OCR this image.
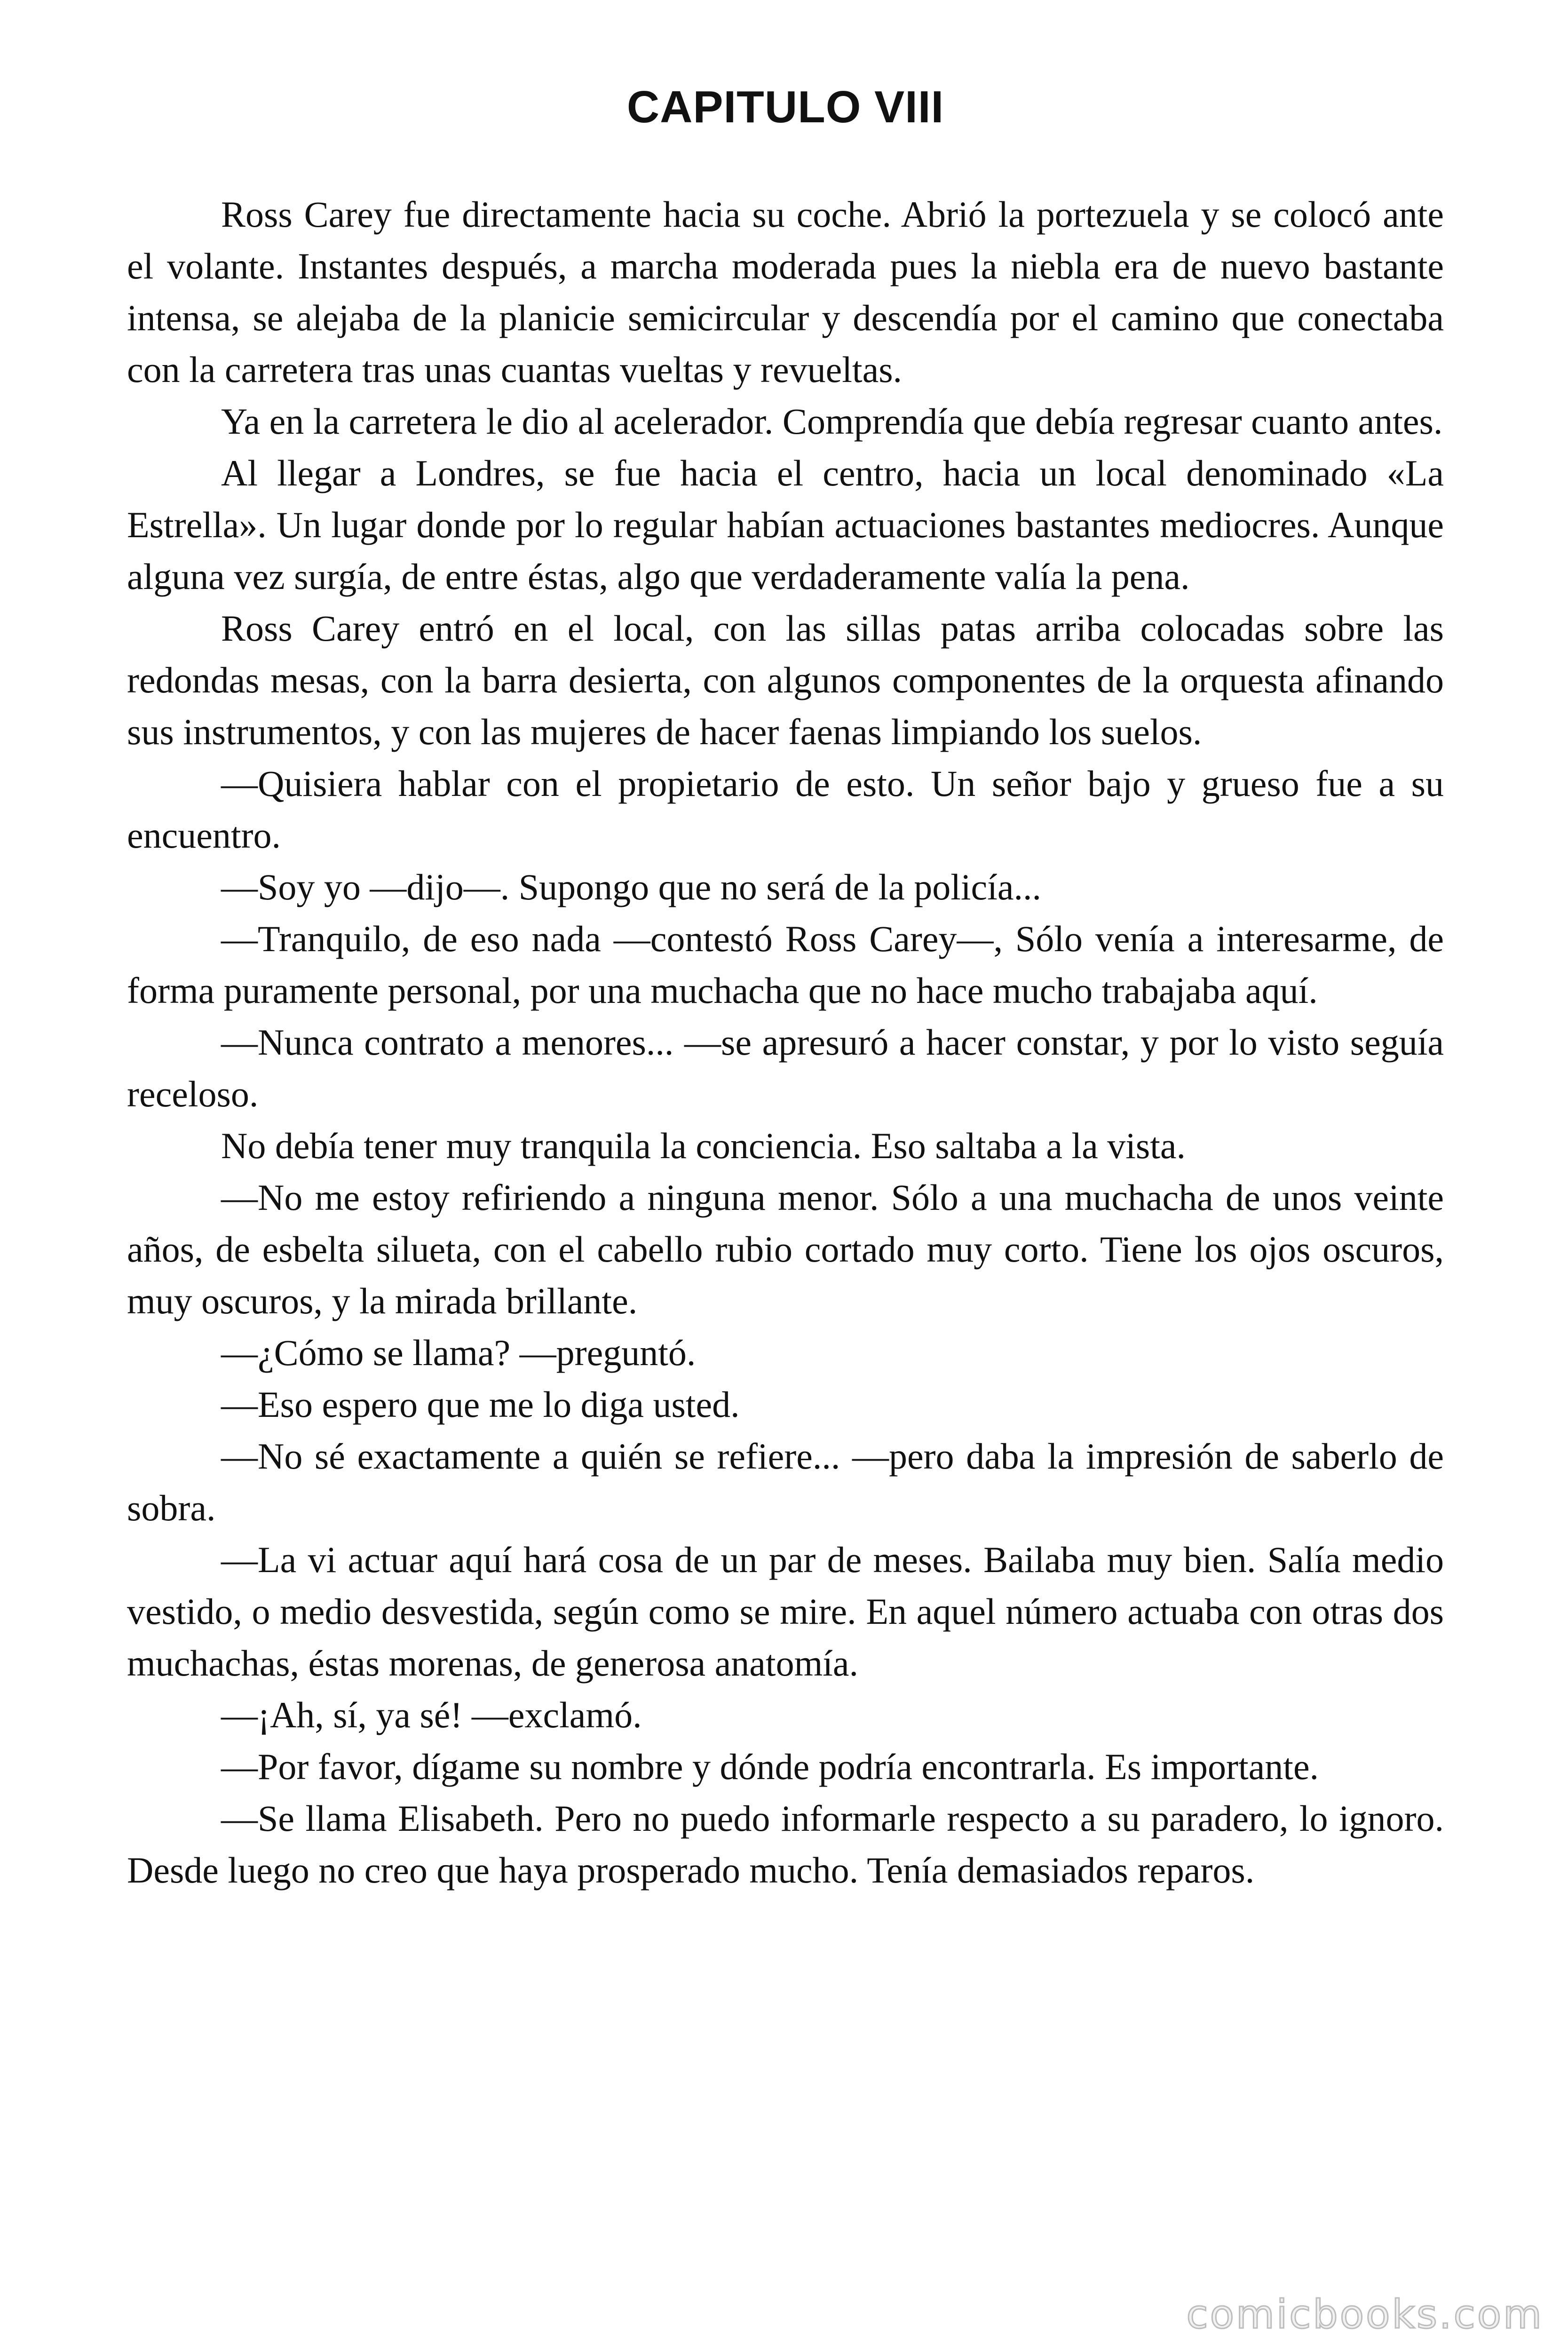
CAPITULO VIII

Ross Carey fue directamente hacia su coche. Abrió la portezuela y se colocó ante el volante. Instantes después, a marcha moderada pues la niebla era de nuevo bastante intensa, se alejaba de la planicie semicircular y descendía por el camino que conectaba con la carretera tras unas cuantas vueltas y revueltas.

Ya en la carretera le dio al acelerador. Comprendía que debía regresar cuanto antes.

Al llegar a Londres, se fue hacia el centro, hacia un local denominado «La Estrella». Un lugar donde por lo regular habían actuaciones bastantes mediocres. Aunque alguna vez surgía, de entre éstas, algo que verdaderamente valía la pena.

Ross Carey entró en el local, con las sillas patas arriba colocadas sobre las redondas mesas, con la barra desierta, con algunos componentes de la orquesta afinando sus instrumentos, y con las mujeres de hacer faenas limpiando los suelos.

—Quisiera hablar con el propietario de esto. Un señor bajo y grueso fue a su encuentro.

—Soy yo —dijo—. Supongo que no será de la policía...

—Tranquilo, de eso nada —contestó Ross Carey—, Sólo venía a interesarme, de forma puramente personal, por una muchacha que no hace mucho trabajaba aquí.

—Nunca contrato a menores... —se apresuró a hacer constar, y por lo visto seguía receloso.

No debía tener muy tranquila la conciencia. Eso saltaba a la vista.

—No me estoy refiriendo a ninguna menor. Sólo a una muchacha de unos veinte años, de esbelta silueta, con el cabello rubio cortado muy corto. Tiene los ojos oscuros, muy oscuros, y la mirada brillante.

—¿Cómo se llama? —preguntó.

—Eso espero que me lo diga usted.

—No sé exactamente a quién se refiere... —pero daba la impresión de saberlo de sobra.

—La vi actuar aquí hará cosa de un par de meses. Bailaba muy bien. Salía medio vestido, o medio desvestida, según como se mire. En aquel número actuaba con otras dos muchachas, éstas morenas, de generosa anatomía.

—¡Ah, sí, ya sé! —exclamó.

—Por favor, dígame su nombre y dónde podría encontrarla. Es importante.

—Se llama Elisabeth. Pero no puedo informarle respecto a su paradero, lo ignoro. Desde luego no creo que haya prosperado mucho. Tenía demasiados reparos.

comicbooks.com
